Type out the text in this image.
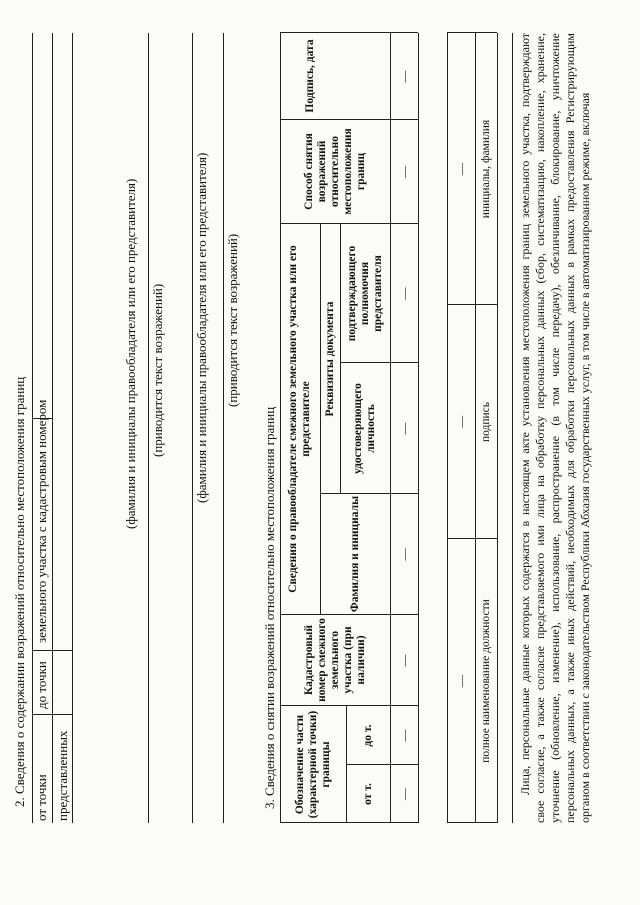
2. Сведения о содержании возражений относительно местоположения границ от точки
до точки
земельного участка с кадастровым номером
представленных
(фамилия и инициалы правообладателя или его представителя) (приводится текст возражений) (фамилия и инициалы правообладателя или его представителя) (приводится текст возражений)
3. Сведения о снятии возражений относительно местоположения границ	Обозначение части (характерной точки) границы
от т.
до т.
Кадастровый номер смежного земельного участка (при наличии)
Сведения о правообладателе смежного земельного участка или его представителе
Фамилия и инициалы
Реквизиты документа
удостоверяющего личность
подтверждающего полномочия представителя
Способ снятия возражений относительно местоположения границ
Подпись, дата
—
—
—
—
—
—
—
—
—
—
—
полное наименование должности
подпись
инициалы, фамилия	Лица, персональные данные которых содержатся в настоящем акте установления местоположения границ земельного участка, подтверждают свое согласие, а также согласие представляемого ими лица на обработку персональных данных (сбор, систематизацию, накопление, хранение, уточнение (обновление, изменение), использование, распространение (в том числе передачу), обезличивание, блокирование, уничтожение персональных данных, а также иных действий, необходимых для обработки персональных данных в рамках предоставления Регистрирующим органом в соответствии с законодательством Республики Абхазия государственных услуг, в том числе в автоматизированном режиме, включая
